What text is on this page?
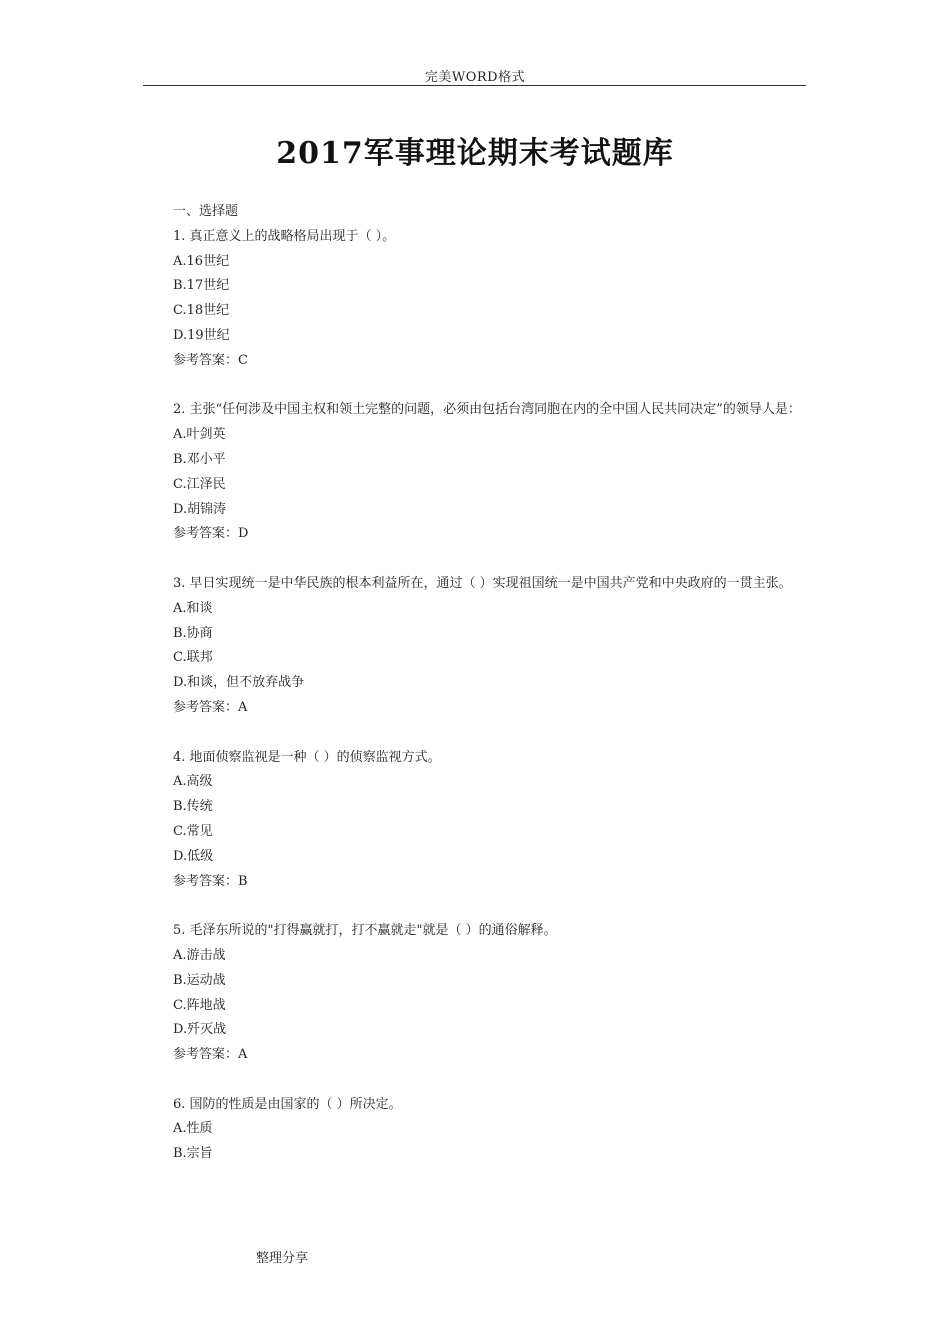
完美WORD格式
2017军事理论期末考试题库
一、选择题
1. 真正意义上的战略格局出现于（ ）。
A.16世纪
B.17世纪
C.18世纪
D.19世纪
参考答案：C
2. 主张“任何涉及中国主权和领土完整的问题，必须由包括台湾同胞在内的全中国人民共同决定”的领导人是：
A.叶剑英
B.邓小平
C.江泽民
D.胡锦涛
参考答案：D
3. 早日实现统一是中华民族的根本利益所在，通过（ ）实现祖国统一是中国共产党和中央政府的一贯主张。
A.和谈
B.协商
C.联邦
D.和谈，但不放弃战争
参考答案：A
4. 地面侦察监视是一种（ ）的侦察监视方式。
A.高级
B.传统
C.常见
D.低级
参考答案：B
5. 毛泽东所说的"打得赢就打，打不赢就走"就是（ ）的通俗解释。
A.游击战
B.运动战
C.阵地战
D.歼灭战
参考答案：A
6. 国防的性质是由国家的（ ）所决定。
A.性质
B.宗旨
整理分享
